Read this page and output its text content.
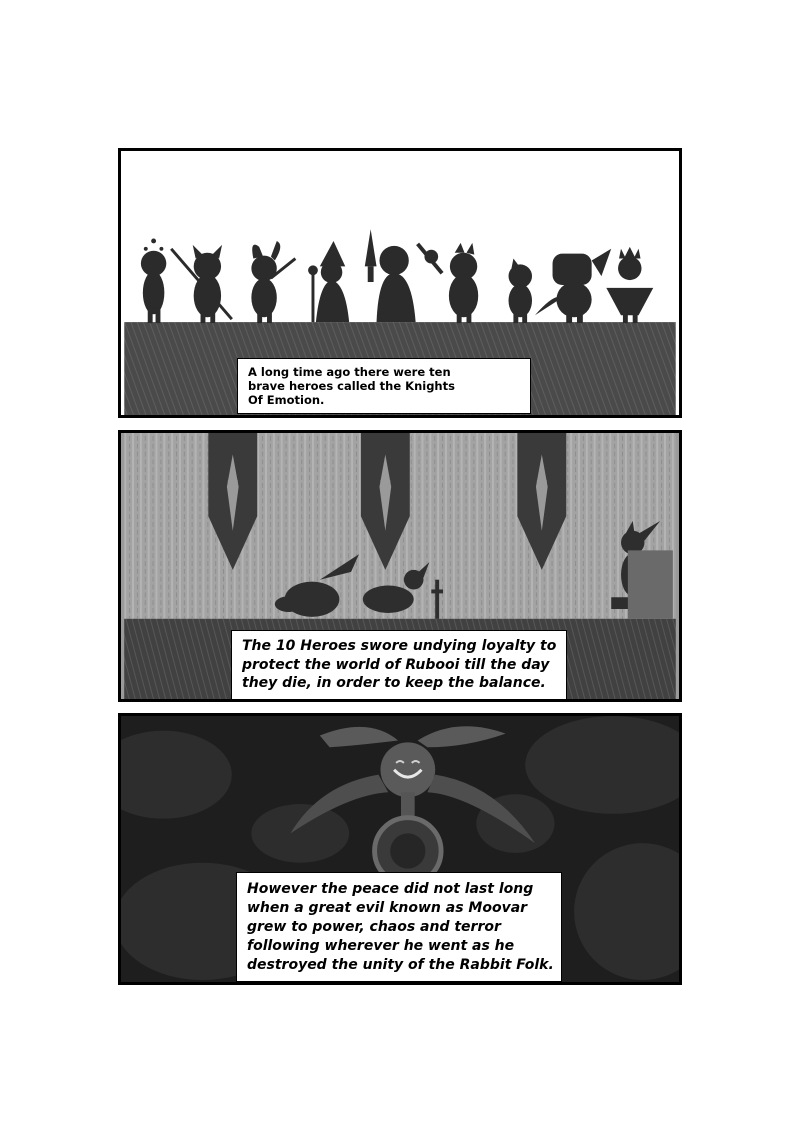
A long time ago there were ten
brave heroes called the Knights
Of Emotion.
The 10 Heroes swore undying loyalty to
protect the world of Rubooi till the day
they die, in order to keep the balance.
However the peace did not last long
when a great evil known as Moovar
grew to power, chaos and terror
following wherever he went as he
destroyed the unity of the Rabbit Folk.
